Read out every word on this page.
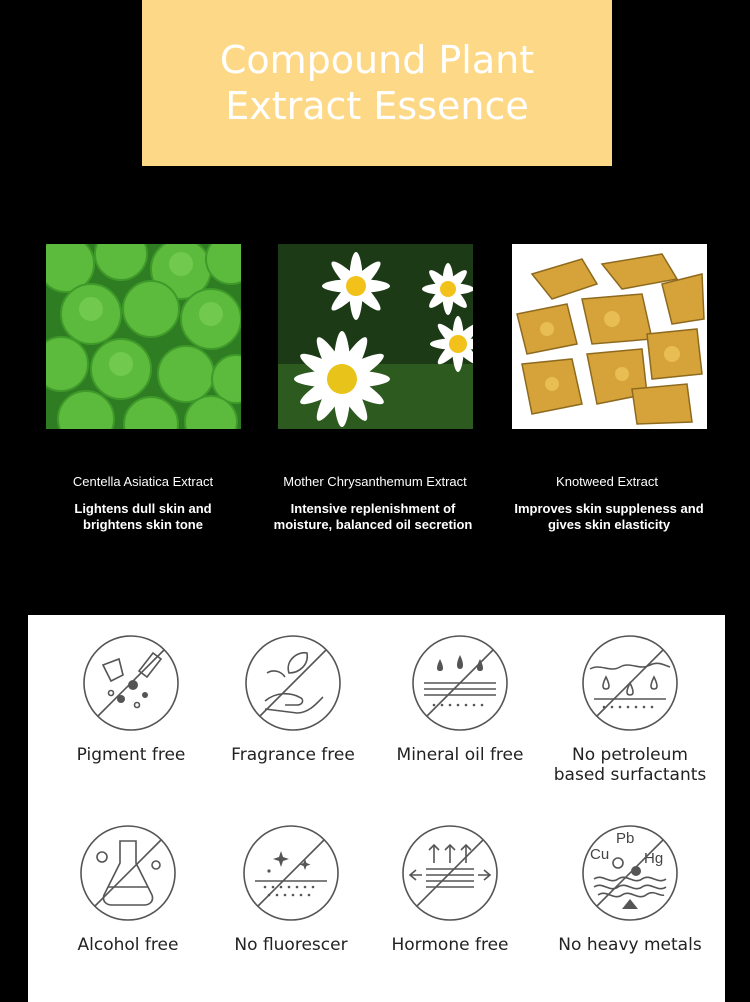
Compound Plant Extract Essence
Centella Asiatica Extract
Lightens dull skin and brightens skin tone
Mother Chrysanthemum Extract
Intensive replenishment of moisture, balanced oil secretion
Knotweed Extract
Improves skin suppleness and gives skin elasticity
Pigment free	Fragrance free	Mineral oil free	No petroleum based surfactants
Alcohol free	No fluorescer	Hormone free
Cu
Pb
Hg
No heavy metals
